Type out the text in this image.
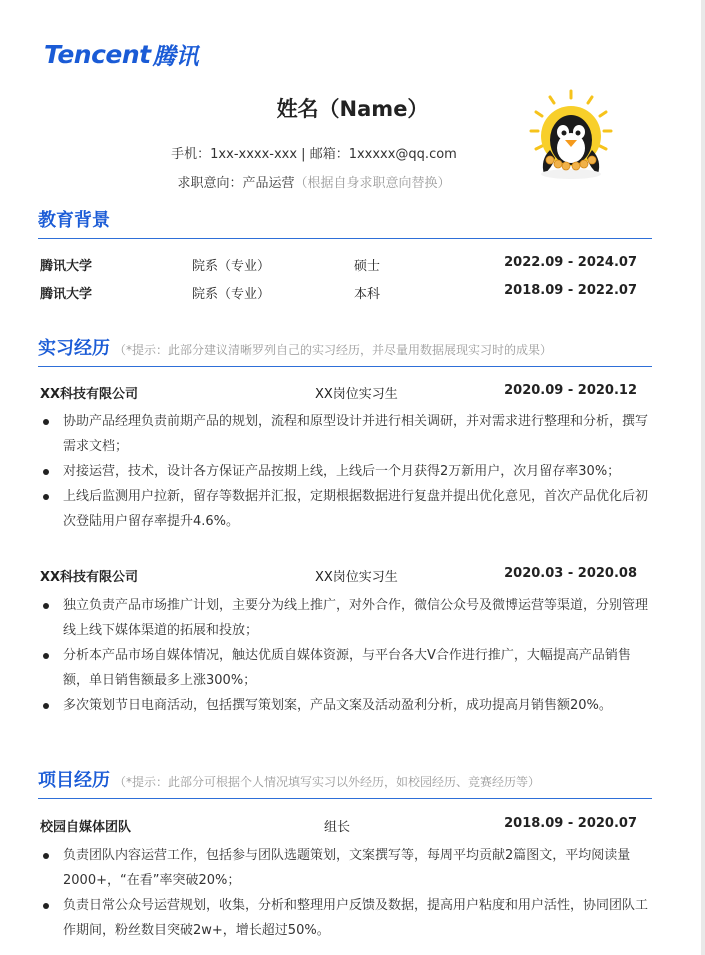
Tencent 腾讯
姓名（Name）
手机：1xx-xxxx-xxx | 邮箱：1xxxxx@qq.com
求职意向：产品运营（根据自身求职意向替换）
教育背景
腾讯大学	院系（专业）	硕士	2022.09 - 2024.07
腾讯大学	院系（专业）	本科	2018.09 - 2022.07
实习经历 （*提示：此部分建议清晰罗列自己的实习经历，并尽量用数据展现实习时的成果）
XX科技有限公司	XX岗位实习生	2020.09 - 2020.12
协助产品经理负责前期产品的规划，流程和原型设计并进行相关调研，并对需求进行整理和分析，撰写需求文档；
对接运营，技术，设计各方保证产品按期上线，上线后一个月获得2万新用户，次月留存率30%；
上线后监测用户拉新，留存等数据并汇报，定期根据数据进行复盘并提出优化意见，首次产品优化后初次登陆用户留存率提升4.6%。
XX科技有限公司	XX岗位实习生	2020.03 - 2020.08
独立负责产品市场推广计划，主要分为线上推广，对外合作，微信公众号及微博运营等渠道，分别管理线上线下媒体渠道的拓展和投放；
分析本产品市场自媒体情况，触达优质自媒体资源，与平台各大V合作进行推广，大幅提高产品销售额，单日销售额最多上涨300%；
多次策划节日电商活动，包括撰写策划案，产品文案及活动盈利分析，成功提高月销售额20%。
项目经历 （*提示：此部分可根据个人情况填写实习以外经历，如校园经历、竞赛经历等）
校园自媒体团队	组长	2018.09 - 2020.07
负责团队内容运营工作，包括参与团队选题策划，文案撰写等，每周平均贡献2篇图文，平均阅读量2000+，“在看”率突破20%；
负责日常公众号运营规划，收集，分析和整理用户反馈及数据，提高用户粘度和用户活性，协同团队工作期间，粉丝数目突破2w+，增长超过50%。
